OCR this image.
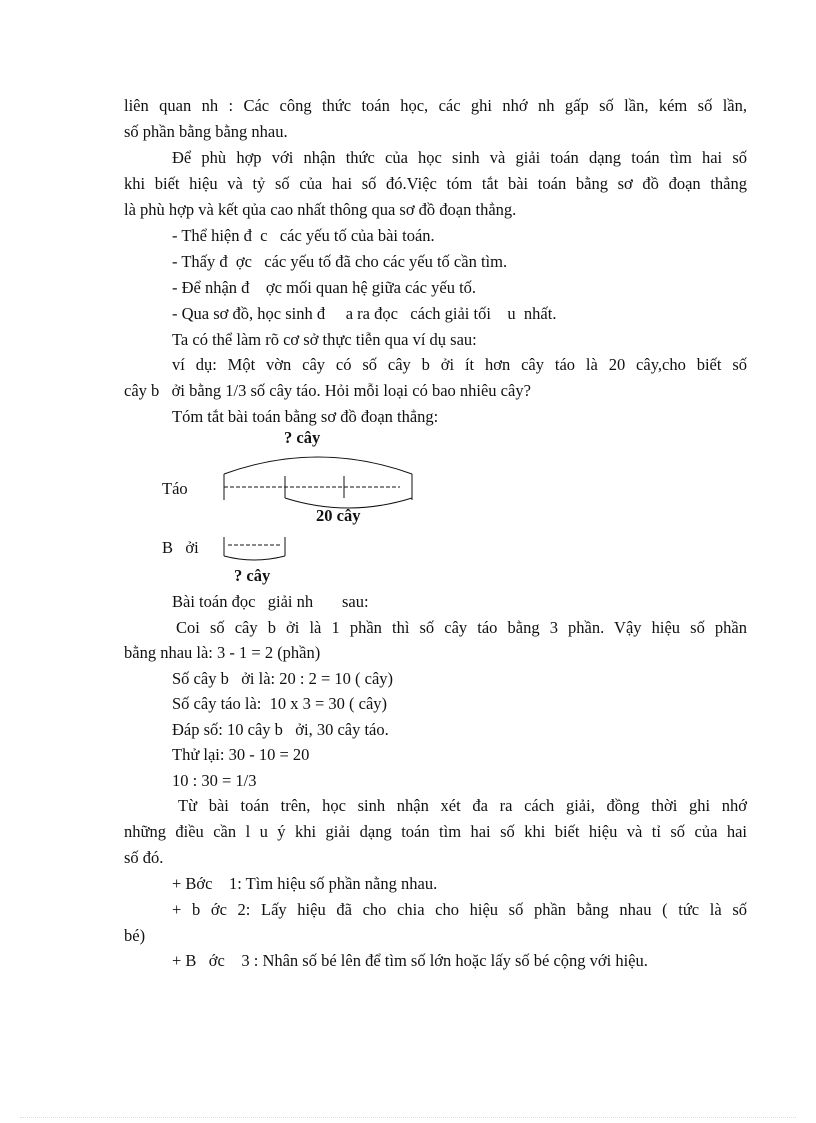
liên quan nh : Các công thức toán học, các ghi nhớ nh gấp số lần, kém số lần,
số phần bằng bằng nhau.
Để phù hợp với nhận thức của học sinh và giải toán dạng toán tìm hai số
khi biết hiệu và tỷ số của hai số đó.Việc tóm tắt bài toán bằng sơ đồ đoạn thẳng
là phù hợp và kết qủa cao nhất thông qua sơ đồ đoạn thẳng.
- Thể hiện đ  c   các yếu tố của bài toán.
- Thấy đ  ợc   các yếu tố đã cho các yếu tố cần tìm.
- Để nhận đ    ợc mối quan hệ giữa các yếu tố.
- Qua sơ đồ, học sinh đ     a ra đọc   cách giải tối    u  nhất.
Ta có thể làm rõ cơ sở thực tiễn qua ví dụ sau:
ví dụ: Một vờn cây có số cây b ởi ít hơn cây táo là 20 cây,cho biết số
cây b   ởi bằng 1/3 số cây táo. Hỏi mỗi loại có bao nhiêu cây?
Tóm tắt bài toán bằng sơ đồ đoạn thẳng:
? cây
Táo
20 cây
B   ởi
? cây
Bài toán đọc   giải nh       sau:
Coi số cây b ởi là 1 phần thì số cây táo bằng 3 phần. Vậy hiệu số phần
bằng nhau là: 3 - 1 = 2 (phần)
Số cây b   ởi là: 20 : 2 = 10 ( cây)
Số cây táo là:  10 x 3 = 30 ( cây)
Đáp số: 10 cây b   ởi, 30 cây táo.
Thử lại: 30 - 10 = 20
10 : 30 = 1/3
Từ bài toán trên, học sinh nhận xét đa ra cách giải, đồng thời ghi nhớ
những điều cần l u ý khi giải dạng toán tìm hai số khi biết hiệu và tỉ số của hai
số đó.
+ Bớc    1: Tìm hiệu số phần nằng nhau.
+ b ớc 2: Lấy hiệu đã cho chia cho hiệu số phần bằng nhau ( tức là số
bé)
+ B   ớc    3 : Nhân số bé lên để tìm số lớn hoặc lấy số bé cộng với hiệu.
